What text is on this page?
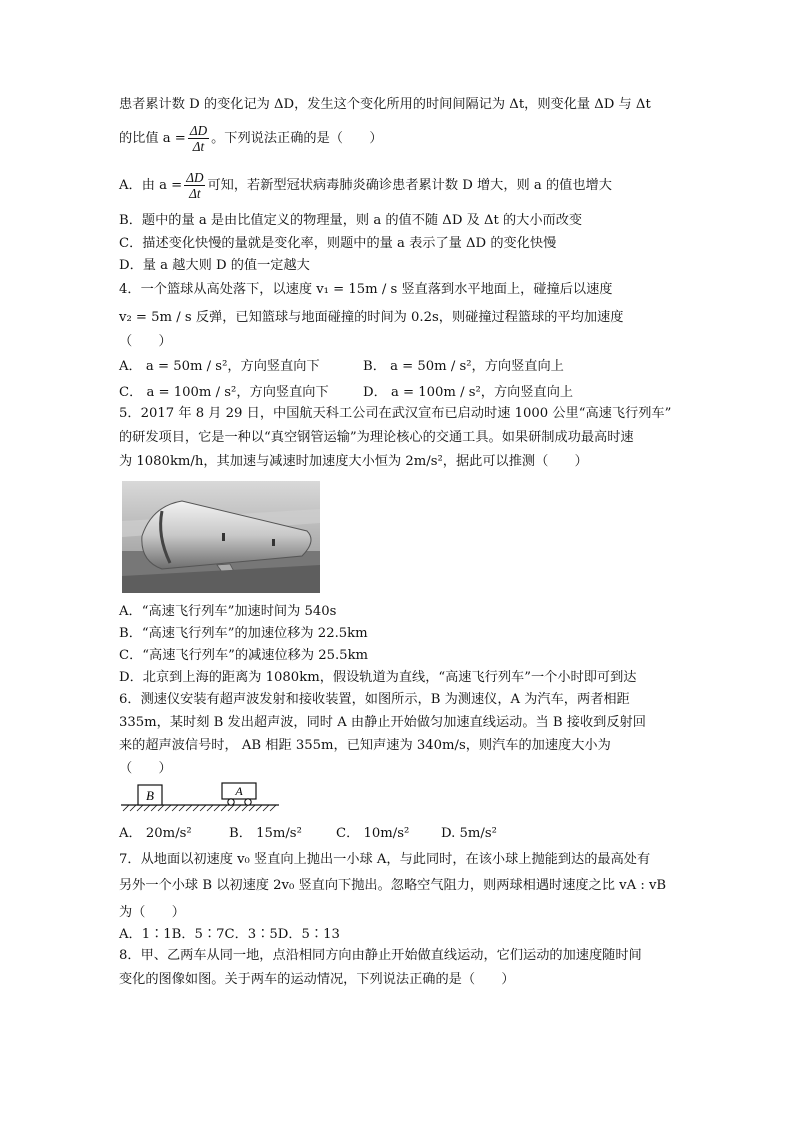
患者累计数 D 的变化记为 ΔD，发生这个变化所用的时间间隔记为 Δt，则变化量 ΔD 与 Δt
的比值 $a = \frac{\Delta D}{\Delta t}$ 。下列说法正确的是（　　）
A．由 $a = \frac{\Delta D}{\Delta t}$ 可知，若新型冠状病毒肺炎确诊患者累计数 D 增大，则 a 的值也增大
B．题中的量 a 是由比值定义的物理量，则 a 的值不随 ΔD 及 Δt 的大小而改变
C．描述变化快慢的量就是变化率，则题中的量 a 表示了量 ΔD 的变化快慢
D．量 a 越大则 D 的值一定越大
4．一个篮球从高处落下，以速度 v₁ = 15m / s 竖直落到水平地面上，碰撞后以速度
v₂ = 5m / s 反弹，已知篮球与地面碰撞的时间为 0.2s，则碰撞过程篮球的平均加速度
（　　）
A． a = 50m / s²，方向竖直向下	B． a = 50m / s²，方向竖直向上
C． a = 100m / s²，方向竖直向下	D． a = 100m / s²，方向竖直向上
5．2017 年 8 月 29 日，中国航天科工公司在武汉宣布已启动时速 1000 公里“高速飞行列车”
的研发项目，它是一种以“真空钢管运输”为理论核心的交通工具。如果研制成功最高时速
为 1080km/h，其加速与减速时加速度大小恒为 2m/s²，据此可以推测（　　）
A．“高速飞行列车”加速时间为 540s
B．“高速飞行列车”的加速位移为 22.5km
C．“高速飞行列车”的减速位移为 25.5km
D．北京到上海的距离为 1080km，假设轨道为直线，“高速飞行列车”一个小时即可到达
6．测速仪安装有超声波发射和接收装置，如图所示，B 为测速仪，A 为汽车，两者相距
335m，某时刻 B 发出超声波，同时 A 由静止开始做匀加速直线运动。当 B 接收到反射回
来的超声波信号时， AB 相距 355m，已知声速为 340m/s，则汽车的加速度大小为
（　　）
B	A
A． 20m/s²	B． 15m/s²	C． 10m/s² D. 5m/s²
7．从地面以初速度 v₀ 竖直向上抛出一小球 A，与此同时，在该小球上抛能到达的最高处有
另外一个小球 B 以初速度 2v₀ 竖直向下抛出。忽略空气阻力，则两球相遇时速度之比 vA : vB
为（　　）
A．1∶1B．5∶7C．3∶5D．5∶13
8．甲、乙两车从同一地，点沿相同方向由静止开始做直线运动，它们运动的加速度随时间
变化的图像如图。关于两车的运动情况，下列说法正确的是（　　）
